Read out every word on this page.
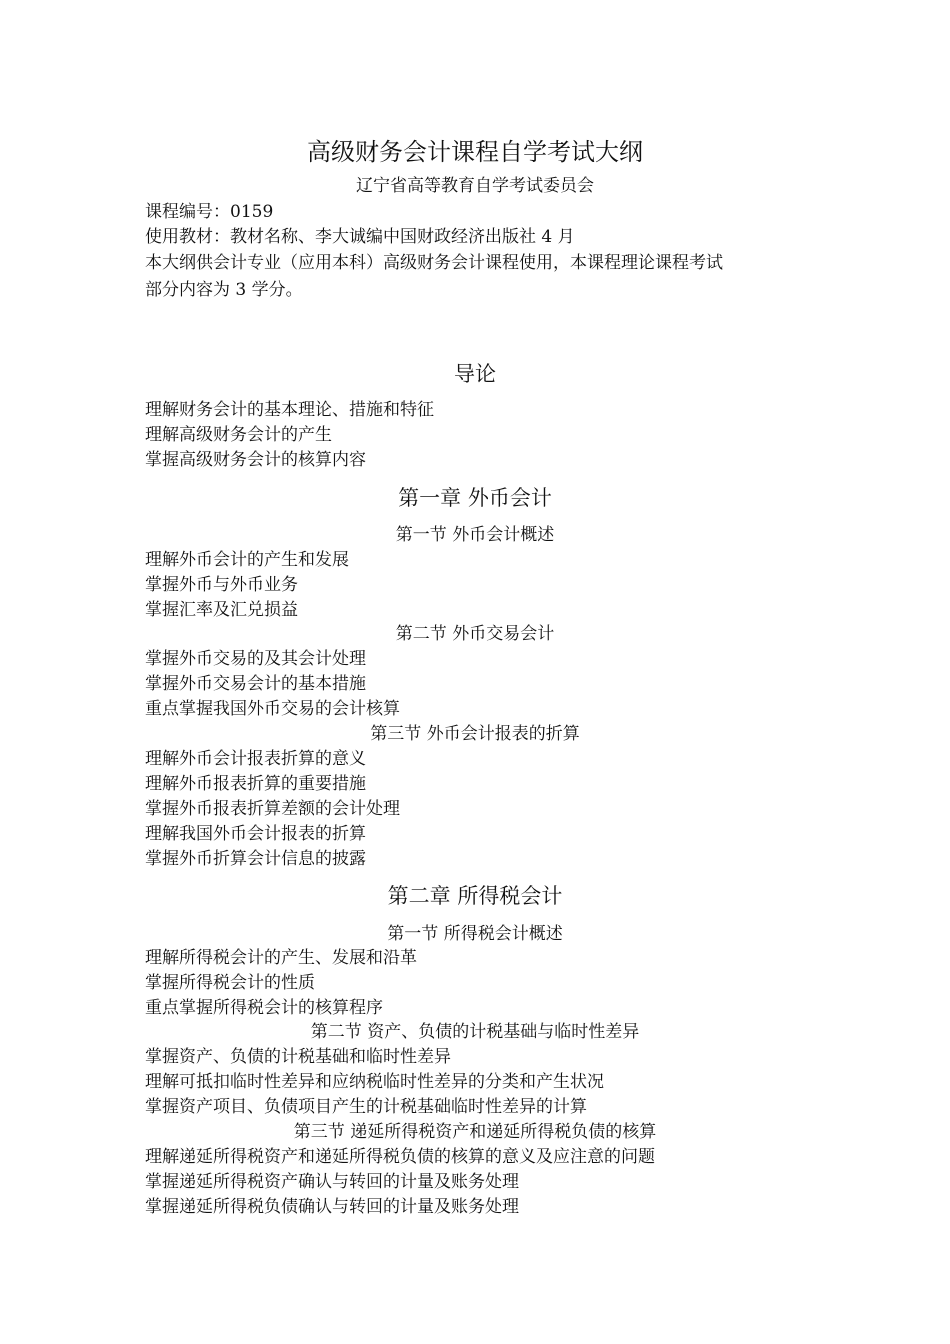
高级财务会计课程自学考试大纲
辽宁省高等教育自学考试委员会
课程编号：0159
使用教材：教材名称、李大诚编中国财政经济出版社 4 月
本大纲供会计专业（应用本科）高级财务会计课程使用，本课程理论课程考试
部分内容为 3 学分。
导论
理解财务会计的基本理论、措施和特征
理解高级财务会计的产生
掌握高级财务会计的核算内容
第一章 外币会计
第一节 外币会计概述
理解外币会计的产生和发展
掌握外币与外币业务
掌握汇率及汇兑损益
第二节 外币交易会计
掌握外币交易的及其会计处理
掌握外币交易会计的基本措施
重点掌握我国外币交易的会计核算
第三节 外币会计报表的折算
理解外币会计报表折算的意义
理解外币报表折算的重要措施
掌握外币报表折算差额的会计处理
理解我国外币会计报表的折算
掌握外币折算会计信息的披露
第二章 所得税会计
第一节 所得税会计概述
理解所得税会计的产生、发展和沿革
掌握所得税会计的性质
重点掌握所得税会计的核算程序
第二节 资产、负债的计税基础与临时性差异
掌握资产、负债的计税基础和临时性差异
理解可抵扣临时性差异和应纳税临时性差异的分类和产生状况
掌握资产项目、负债项目产生的计税基础临时性差异的计算
第三节 递延所得税资产和递延所得税负债的核算
理解递延所得税资产和递延所得税负债的核算的意义及应注意的问题
掌握递延所得税资产确认与转回的计量及账务处理
掌握递延所得税负债确认与转回的计量及账务处理
